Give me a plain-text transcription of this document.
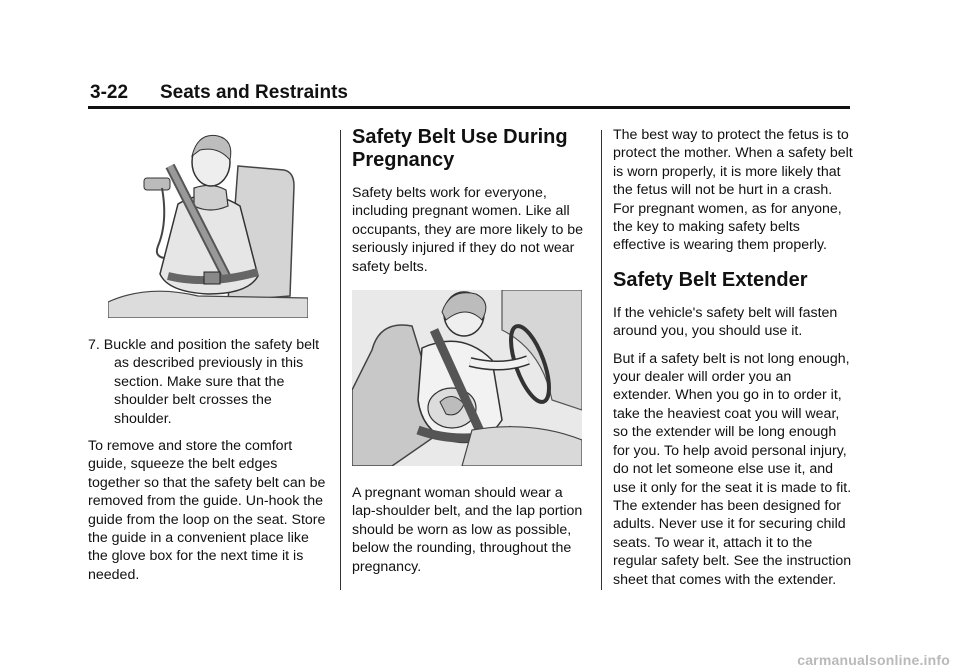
3-22 Seats and Restraints

7. Buckle and position the safety belt as described previously in this section. Make sure that the shoulder belt crosses the shoulder.

To remove and store the comfort guide, squeeze the belt edges together so that the safety belt can be removed from the guide. Un-hook the guide from the loop on the seat. Store the guide in a convenient place like the glove box for the next time it is needed.

Safety Belt Use During Pregnancy

Safety belts work for everyone, including pregnant women. Like all occupants, they are more likely to be seriously injured if they do not wear safety belts.

A pregnant woman should wear a lap-shoulder belt, and the lap portion should be worn as low as possible, below the rounding, throughout the pregnancy.

The best way to protect the fetus is to protect the mother. When a safety belt is worn properly, it is more likely that the fetus will not be hurt in a crash. For pregnant women, as for anyone, the key to making safety belts effective is wearing them properly.

Safety Belt Extender

If the vehicle's safety belt will fasten around you, you should use it.

But if a safety belt is not long enough, your dealer will order you an extender. When you go in to order it, take the heaviest coat you will wear, so the extender will be long enough for you. To help avoid personal injury, do not let someone else use it, and use it only for the seat it is made to fit. The extender has been designed for adults. Never use it for securing child seats. To wear it, attach it to the regular safety belt. See the instruction sheet that comes with the extender.

carmanualsonline.info
